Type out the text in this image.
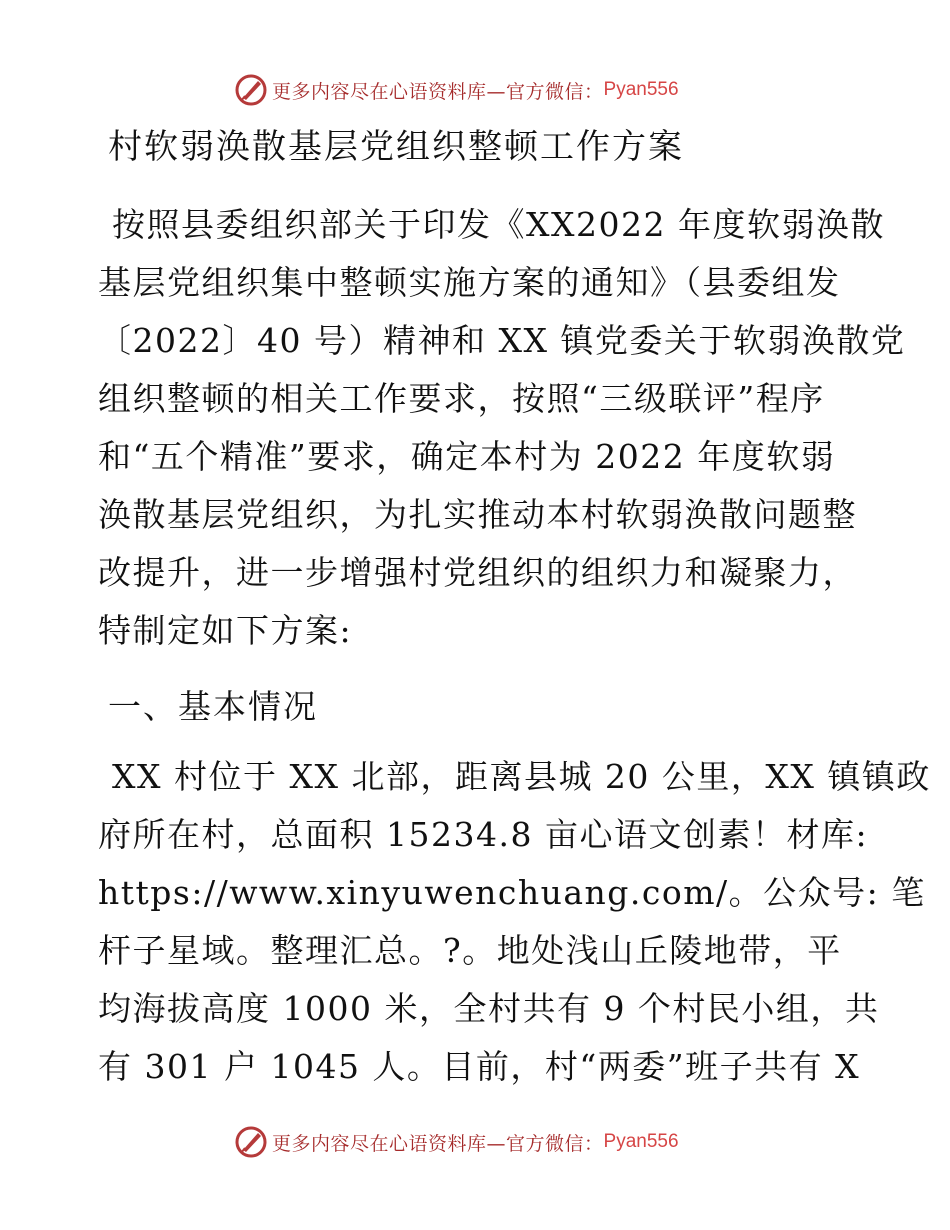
更多内容尽在心语资料库—官方微信： Pyan556
村软弱涣散基层党组织整顿工作方案

按照县委组织部关于印发《XX2022 年度软弱涣散
基层党组织集中整顿实施方案的通知》（县委组发
〔2022〕40 号）精神和 XX 镇党委关于软弱涣散党
组织整顿的相关工作要求，按照“三级联评”程序
和“五个精准”要求，确定本村为 2022 年度软弱
涣散基层党组织，为扎实推动本村软弱涣散问题整
改提升，进一步增强村党组织的组织力和凝聚力，
特制定如下方案:

一、基本情况

XX 村位于 XX 北部，距离县城 20 公里，XX 镇镇政
府所在村，总面积 15234.8 亩心语文创素！材库:
https://www.xinyuwenchuang.com/。公众号: 笔
杆子星域。整理汇总。?。地处浅山丘陵地带，平
均海拔高度 1000 米，全村共有 9 个村民小组，共
有 301 户 1045 人。目前，村“两委”班子共有 X

更多内容尽在心语资料库—官方微信： Pyan556
